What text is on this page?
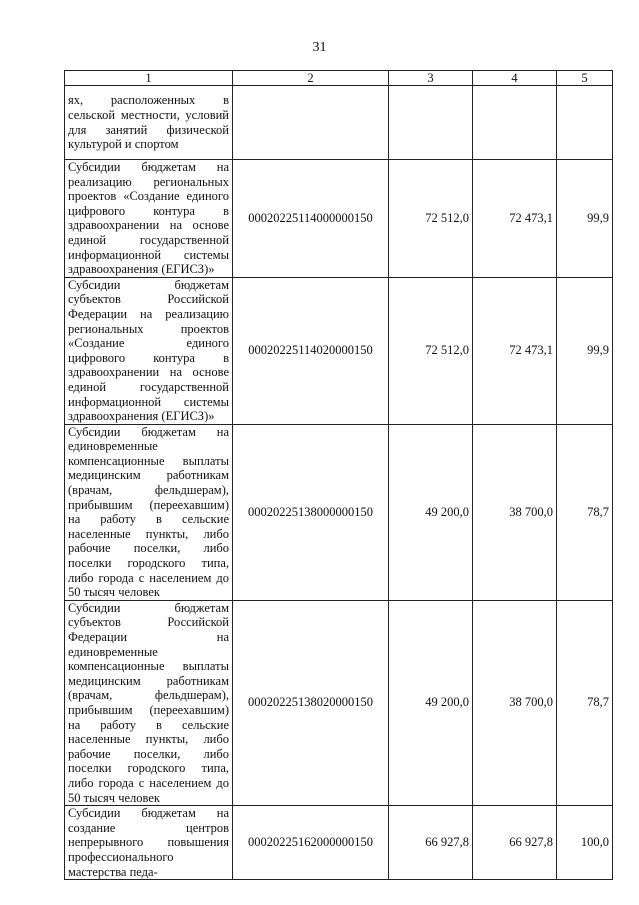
31
1	2	3	4	5
ях, расположенных в сельской местности, условий для занятий физической культурой и спортом				
Субсидии бюджетам на реализацию региональных проектов «Создание единого цифрового контура в здравоохранении на основе единой государственной информационной системы здравоохранения (ЕГИСЗ)»	00020225114000000150	72 512,0	72 473,1	99,9
Субсидии бюджетам субъектов Российской Федерации на реализацию региональных проектов «Создание единого цифрового контура в здравоохранении на основе единой государственной информационной системы здравоохранения (ЕГИСЗ)»	00020225114020000150	72 512,0	72 473,1	99,9
Субсидии бюджетам на единовременные компенсационные выплаты медицинским работникам (врачам, фельдшерам), прибывшим (переехавшим) на работу в сельские населенные пункты, либо рабочие поселки, либо поселки городского типа, либо города с населением до 50 тысяч человек	00020225138000000150	49 200,0	38 700,0	78,7
Субсидии бюджетам субъектов Российской Федерации на единовременные компенсационные выплаты медицинским работникам (врачам, фельдшерам), прибывшим (переехавшим) на работу в сельские населенные пункты, либо рабочие поселки, либо поселки городского типа, либо города с населением до 50 тысяч человек	00020225138020000150	49 200,0	38 700,0	78,7
Субсидии бюджетам на создание центров непрерывного повышения профессионального мастерства педа-	00020225162000000150	66 927,8	66 927,8	100,0
